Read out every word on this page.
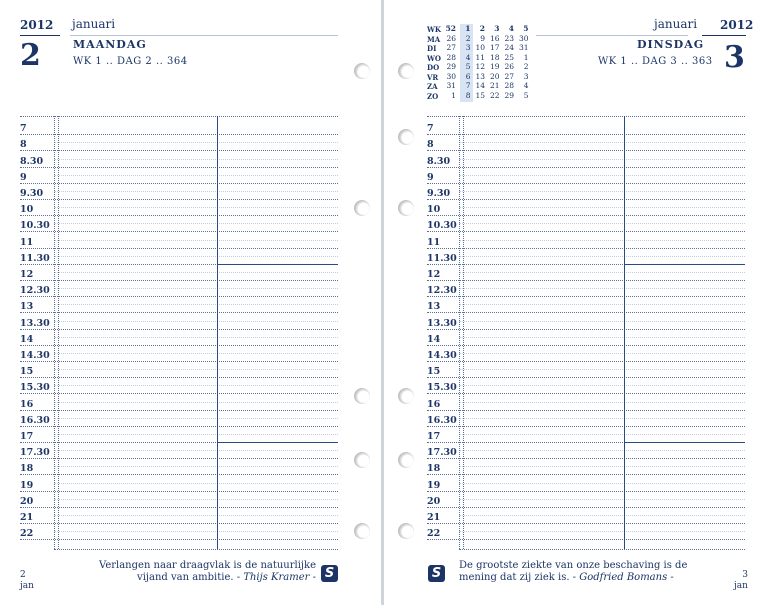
2012 januari
2	MAANDAG
WK 1 .. DAG 2 .. 364
7
8
8.30
9
9.30
10
10.30
11
11.30
12
12.30
13
13.30
14
14.30
15
15.30
16
16.30
17
17.30
18
19
20
21
22
Verlangen naar draagvlak is de natuurlijke vijand van ambitie. - Thijs Kramer - S
2
jan
WK 52	1	2	3	4	5
MA 26	2	9 16 23 30
DI	27	3 10 17 24 31
WO 28	4 11 18 25	1
DO 29	5 12 19 26	2
VR	30	6 13 20 27	3
ZA	31	7 14 21 28	4
ZO	1	8 15 22 29	5
januari 2012
DINSDAG
WK 1 .. DAG 3 .. 363 3
7
8
8.30
9
9.30
10
10.30
11
11.30
12
12.30
13
13.30
14
14.30
15
15.30
16
16.30
17
17.30
18
19
20
21
22
S
De grootste ziekte van onze beschaving is de mening dat zij ziek is. - Godfried Bomans -	3
jan
